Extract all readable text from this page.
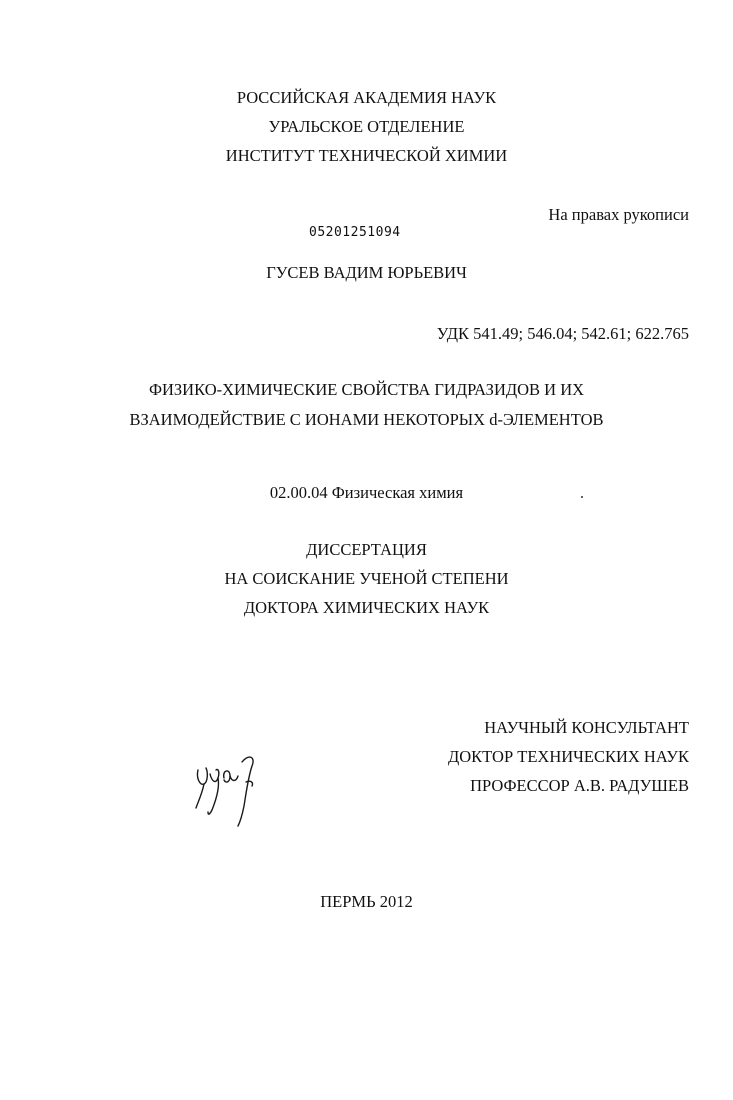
РОССИЙСКАЯ АКАДЕМИЯ НАУК
УРАЛЬСКОЕ ОТДЕЛЕНИЕ
ИНСТИТУТ ТЕХНИЧЕСКОЙ ХИМИИ
На правах рукописи
05201251094
ГУСЕВ ВАДИМ ЮРЬЕВИЧ
УДК 541.49; 546.04; 542.61; 622.765
ФИЗИКО-ХИМИЧЕСКИЕ СВОЙСТВА ГИДРАЗИДОВ И ИХ
ВЗАИМОДЕЙСТВИЕ С ИОНАМИ НЕКОТОРЫХ d-ЭЛЕМЕНТОВ
02.00.04 Физическая химия
ДИССЕРТАЦИЯ
НА СОИСКАНИЕ УЧЕНОЙ СТЕПЕНИ
ДОКТОРА ХИМИЧЕСКИХ НАУК
НАУЧНЫЙ КОНСУЛЬТАНТ
ДОКТОР ТЕХНИЧЕСКИХ НАУК
ПРОФЕССОР А.В. РАДУШЕВ
ПЕРМЬ 2012
